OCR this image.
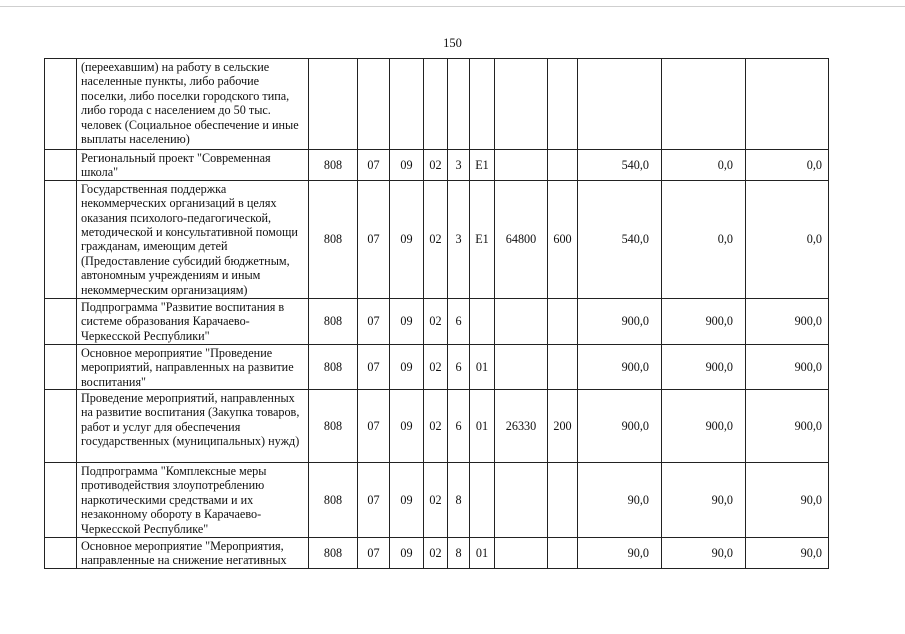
150
	(переехавшим) на работу в сельские населенные пункты, либо рабочие поселки, либо поселки городского типа, либо города с населением до 50 тыс. человек (Социальное обеспечение и иные выплаты населению)											
	Региональный проект "Современная школа"	808	07	09	02	3	E1			540,0	0,0	0,0
	Государственная поддержка некоммерческих организаций в целях оказания психолого-педагогической, методической и консультативной помощи гражданам, имеющим детей (Предоставление субсидий бюджетным, автономным учреждениям и иным некоммерческим организациям)	808	07	09	02	3	E1	64800	600	540,0	0,0	0,0
	Подпрограмма "Развитие воспитания в системе образования Карачаево-Черкесской Республики"	808	07	09	02	6				900,0	900,0	900,0
	Основное мероприятие "Проведение мероприятий, направленных на развитие воспитания"	808	07	09	02	6	01			900,0	900,0	900,0
	Проведение мероприятий, направленных на развитие воспитания (Закупка товаров, работ и услуг для обеспечения государственных (муниципальных) нужд)	808	07	09	02	6	01	26330	200	900,0	900,0	900,0
	Подпрограмма "Комплексные меры противодействия злоупотреблению наркотическими средствами и их незаконному обороту в Карачаево-Черкесской Республике"	808	07	09	02	8				90,0	90,0	90,0
	Основное мероприятие "Мероприятия, направленные на снижение негативных	808	07	09	02	8	01			90,0	90,0	90,0
